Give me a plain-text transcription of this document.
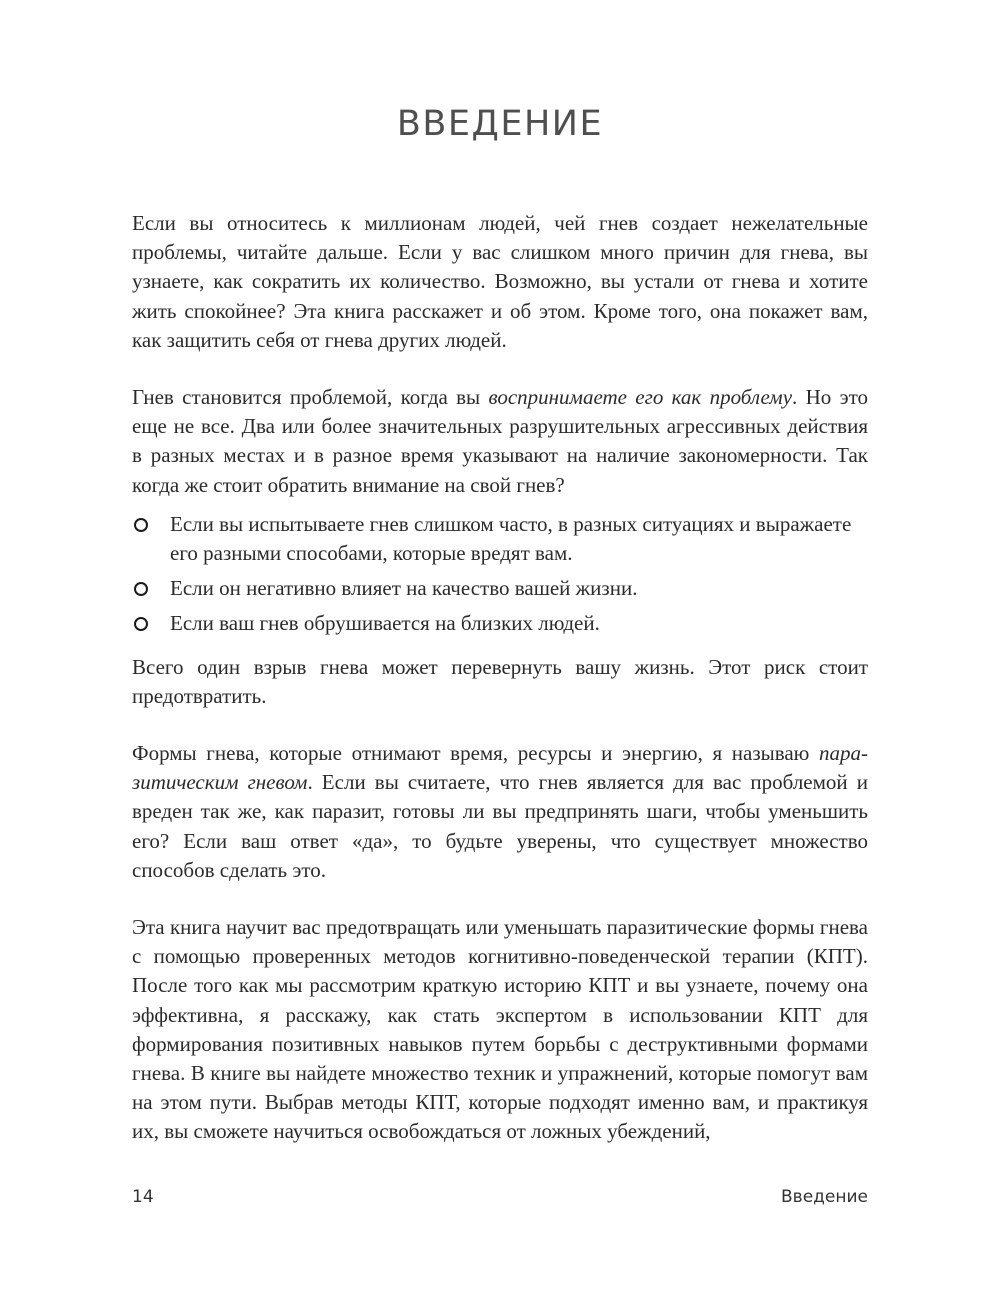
ВВЕДЕНИЕ

Если вы относитесь к миллионам людей, чей гнев создает нежелательные проблемы, читайте дальше. Если у вас слишком много причин для гнева, вы узнаете, как сократить их количество. Возможно, вы устали от гнева и хотите жить спокойнее? Эта книга расскажет и об этом. Кроме того, она покажет вам, как защитить себя от гнева других людей.

Гнев становится проблемой, когда вы воспринимаете его как проблему. Но это еще не все. Два или более значительных разрушительных агрессивных действия в разных местах и в разное время указывают на наличие закономерности. Так когда же стоит обратить внимание на свой гнев?

Если вы испытываете гнев слишком часто, в разных ситуациях и выражаете его разными способами, которые вредят вам.
Если он негативно влияет на качество вашей жизни.
Если ваш гнев обрушивается на близких людей.

Всего один взрыв гнева может перевернуть вашу жизнь. Этот риск стоит предотвратить.

Формы гнева, которые отнимают время, ресурсы и энергию, я называю паразитическим гневом. Если вы считаете, что гнев является для вас проблемой и вреден так же, как паразит, готовы ли вы предпринять шаги, чтобы уменьшить его? Если ваш ответ «да», то будьте уверены, что существует множество способов сделать это.

Эта книга научит вас предотвращать или уменьшать паразитические формы гнева с помощью проверенных методов когнитивно-поведенческой терапии (КПТ). После того как мы рассмотрим краткую историю КПТ и вы узнаете, почему она эффективна, я расскажу, как стать экспертом в использовании КПТ для формирования позитивных навыков путем борьбы с деструктивными формами гнева. В книге вы найдете множество техник и упражнений, которые помогут вам на этом пути. Выбрав методы КПТ, которые подходят именно вам, и практикуя их, вы сможете научиться освобождаться от ложных убеждений,

14	Введение
